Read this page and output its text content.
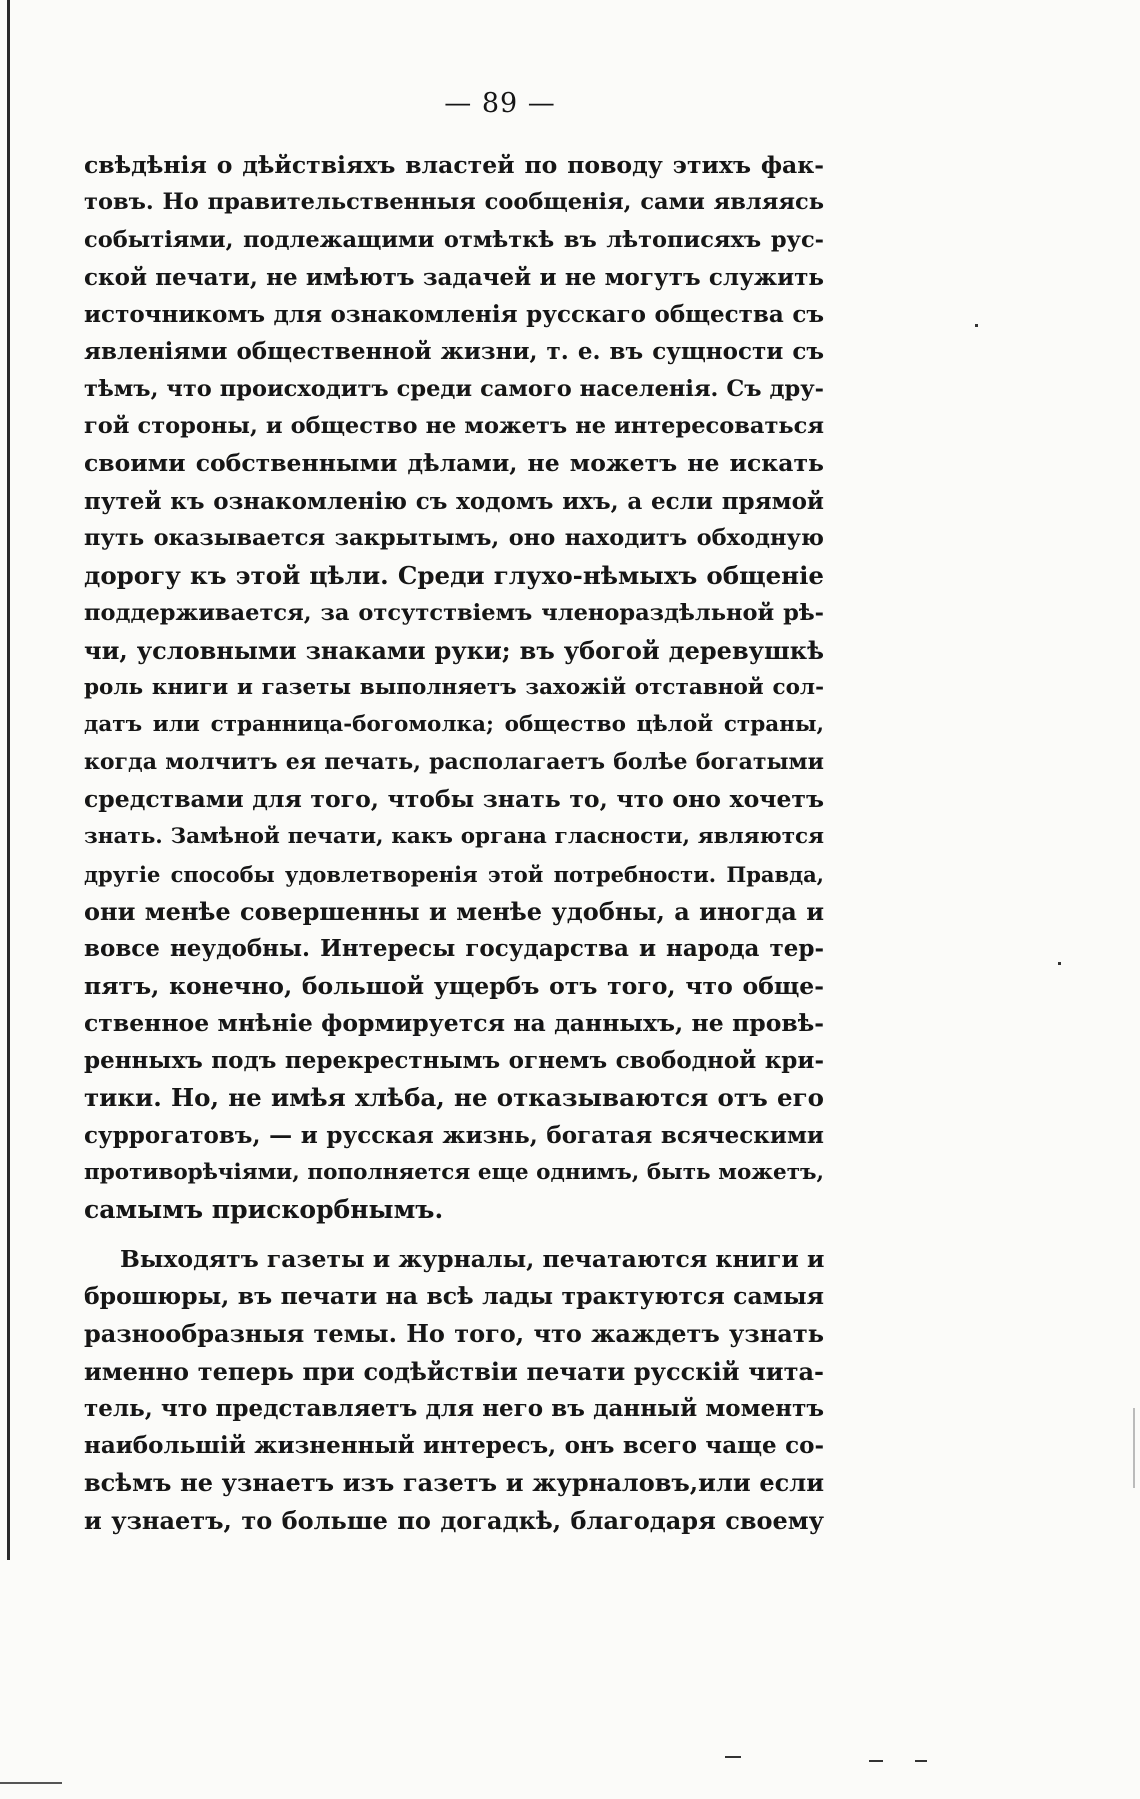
— 89 —
свѣдѣнія о дѣйствіяхъ властей по поводу этихъ фак-
товъ. Но правительственныя сообщенія, сами являясь
событіями, подлежащими отмѣткѣ въ лѣтописяхъ рус-
ской печати, не имѣютъ задачей и не могутъ служить
источникомъ для ознакомленія русскаго общества съ
явленіями общественной жизни, т. е. въ сущности съ
тѣмъ, что происходитъ среди самого населенія. Съ дру-
гой стороны, и общество не можетъ не интересоваться
своими собственными дѣлами, не можетъ не искать
путей къ ознакомленію съ ходомъ ихъ, а если прямой
путь оказывается закрытымъ, оно находитъ обходную
дорогу къ этой цѣли. Среди глухо-нѣмыхъ общеніе
поддерживается, за отсутствіемъ членораздѣльной рѣ-
чи, условными знаками руки; въ убогой деревушкѣ
роль книги и газеты выполняетъ захожій отставной сол-
датъ или странница-богомолка; общество цѣлой страны,
когда молчитъ ея печать, располагаетъ болѣе богатыми
средствами для того, чтобы знать то, что оно хочетъ
знать. Замѣной печати, какъ органа гласности, являются
другіе способы удовлетворенія этой потребности. Правда,
они менѣе совершенны и менѣе удобны, а иногда и
вовсе неудобны. Интересы государства и народа тер-
пятъ, конечно, большой ущербъ отъ того, что обще-
ственное мнѣніе формируется на данныхъ, не провѣ-
ренныхъ подъ перекрестнымъ огнемъ свободной кри-
тики. Но, не имѣя хлѣба, не отказываются отъ его
суррогатовъ, — и русская жизнь, богатая всяческими
противорѣчіями, пополняется еще однимъ, быть можетъ,
самымъ прискорбнымъ.
Выходятъ газеты и журналы, печатаются книги и
брошюры, въ печати на всѣ лады трактуются самыя
разнообразныя темы. Но того, что жаждетъ узнать
именно теперь при содѣйствіи печати русскій чита-
тель, что представляетъ для него въ данный моментъ
наибольшій жизненный интересъ, онъ всего чаще со-
всѣмъ не узнаетъ изъ газетъ и журналовъ,или если
и узнаетъ, то больше по догадкѣ, благодаря своему
